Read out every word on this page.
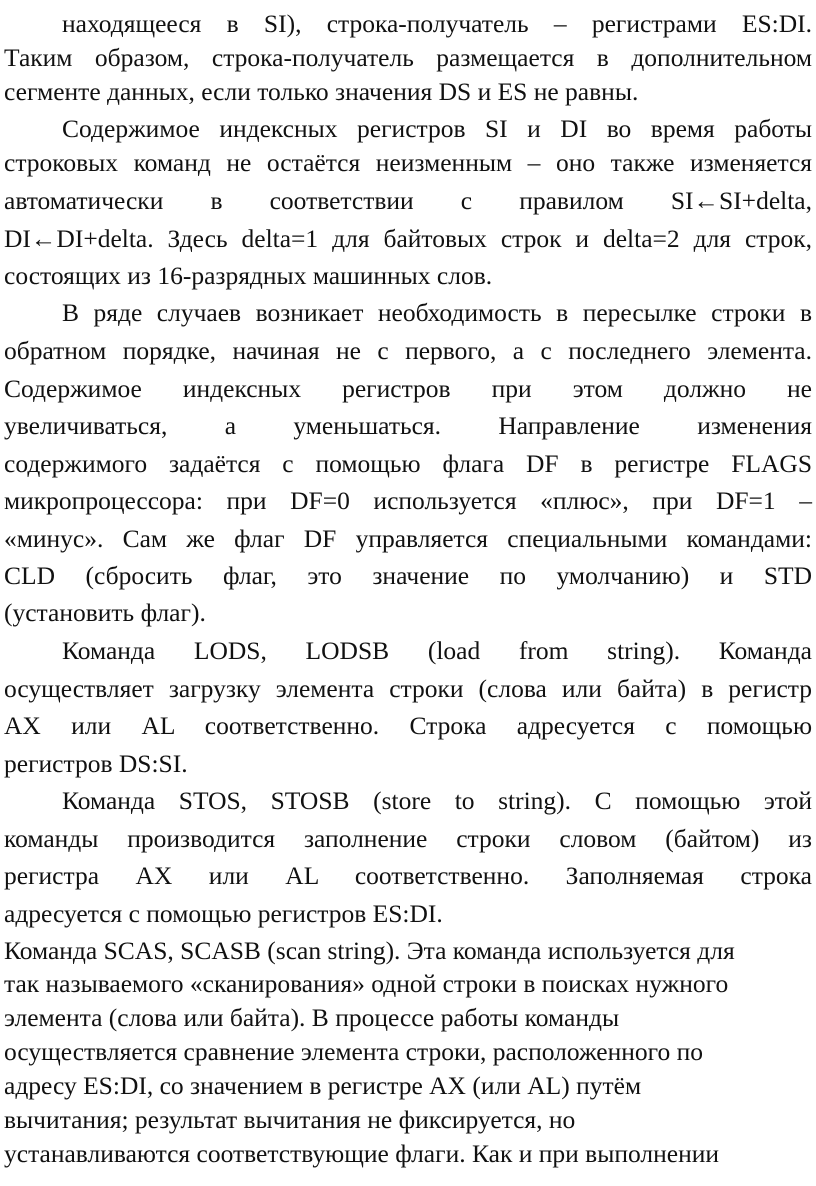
находящееся в SI), строка-получатель – регистрами ES:DI.
Таким образом, строка-получатель размещается в дополнительном
сегменте данных, если только значения DS и ES не равны.
Содержимое индексных регистров SI и DI во время работы
строковых команд не остаётся неизменным – оно также изменяется
автоматически в соответствии с правилом SI←SI+delta,
DI←DI+delta. Здесь delta=1 для байтовых строк и delta=2 для строк,
состоящих из 16-разрядных машинных слов.
В ряде случаев возникает необходимость в пересылке строки в
обратном порядке, начиная не с первого, а с последнего элемента.
Содержимое индексных регистров при этом должно не
увеличиваться, а уменьшаться. Направление изменения
содержимого задаётся с помощью флага DF в регистре FLAGS
микропроцессора: при DF=0 используется «плюс», при DF=1 –
«минус». Сам же флаг DF управляется специальными командами:
CLD (сбросить флаг, это значение по умолчанию) и STD
(установить флаг).
Команда LODS, LODSB (load from string). Команда
осуществляет загрузку элемента строки (слова или байта) в регистр
AX или AL соответственно. Строка адресуется с помощью
регистров DS:SI.
Команда STOS, STOSB (store to string). С помощью этой
команды производится заполнение строки словом (байтом) из
регистра AX или AL соответственно. Заполняемая строка
адресуется с помощью регистров ES:DI.
Команда SCAS, SCASB (scan string). Эта команда используется для
так называемого «сканирования» одной строки в поисках нужного
элемента (слова или байта). В процессе работы команды
осуществляется сравнение элемента строки, расположенного по
адресу ES:DI, со значением в регистре AX (или AL) путём
вычитания; результат вычитания не фиксируется, но
устанавливаются соответствующие флаги. Как и при выполнении
